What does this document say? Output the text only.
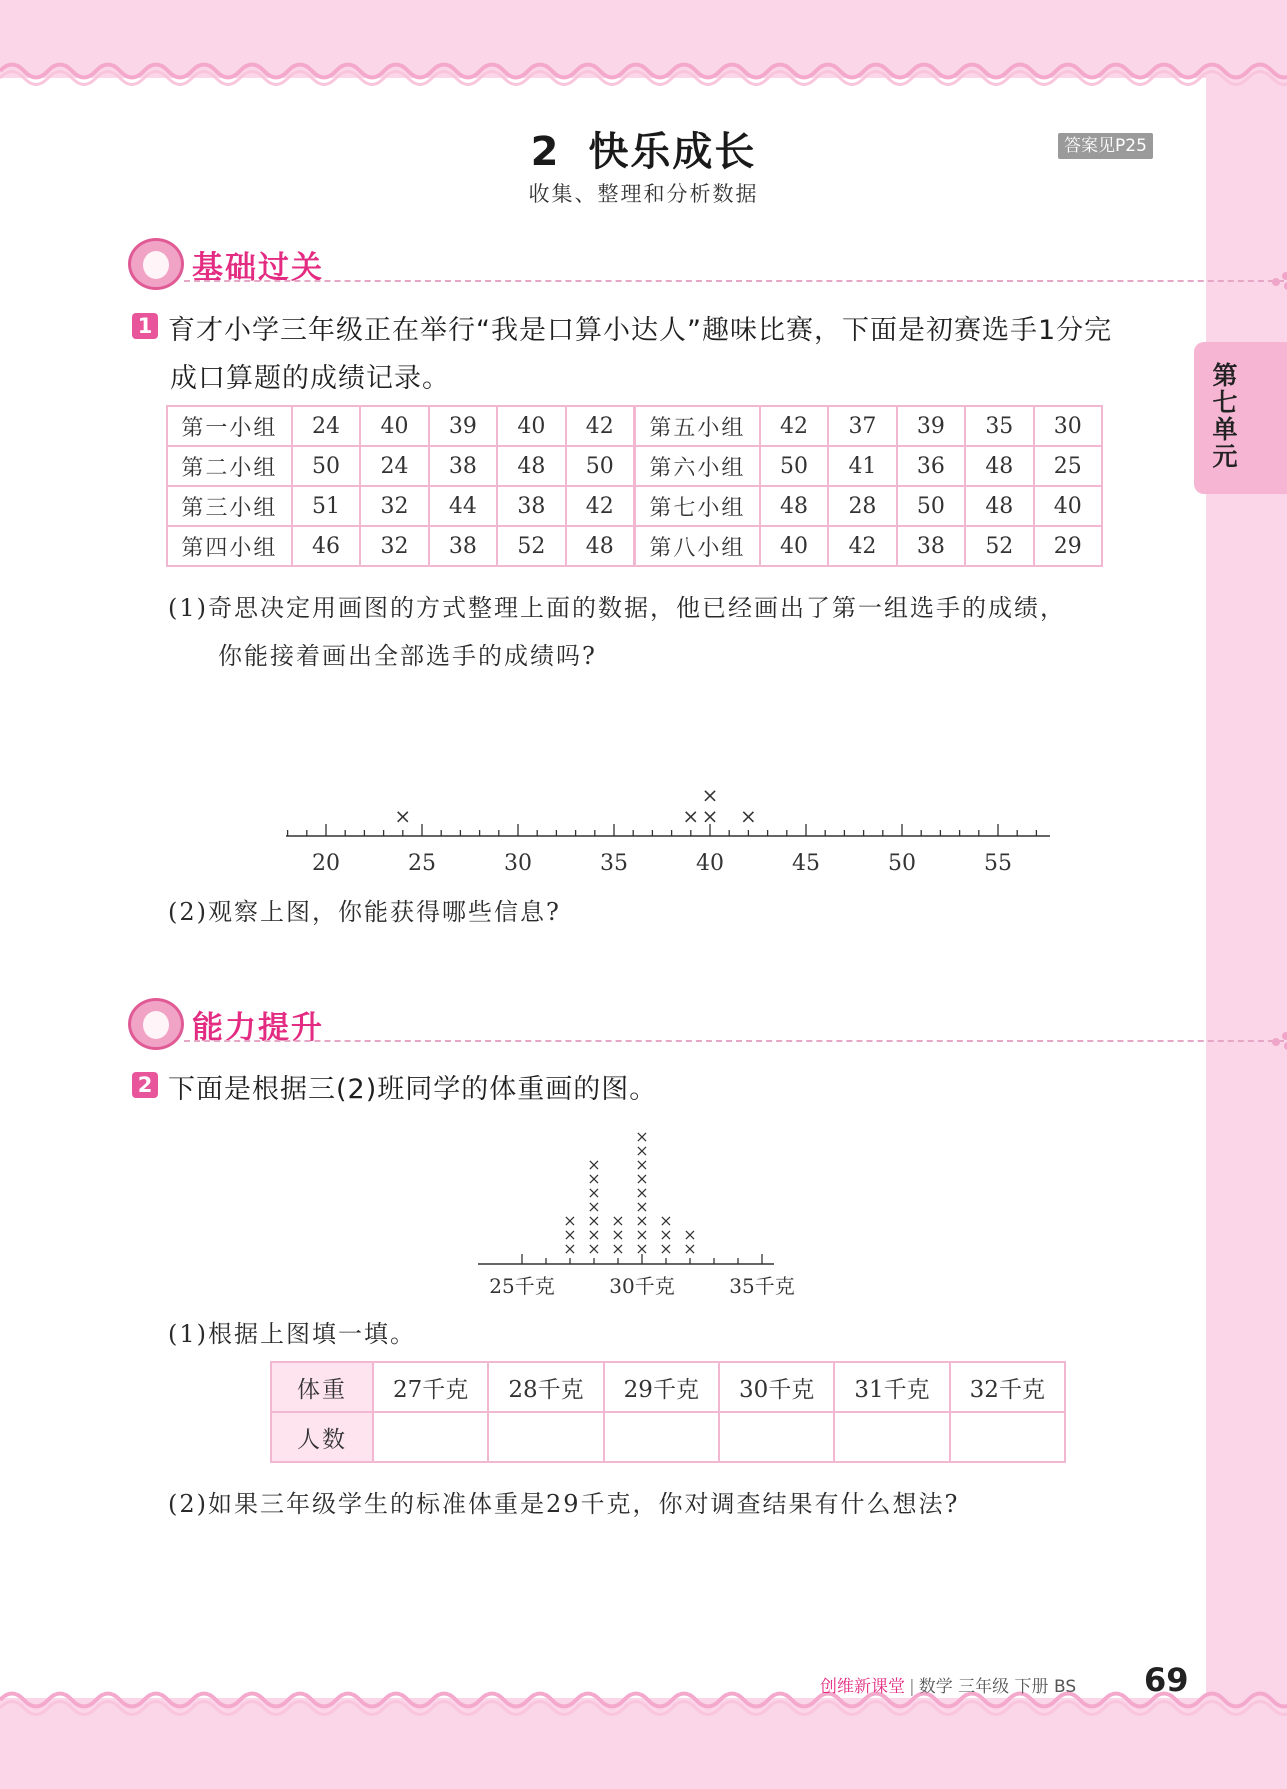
2 快乐成长
收集、整理和分析数据
答案见P25
第七单元
基础过关
1 育才小学三年级正在举行“我是口算小达人”趣味比赛，下面是初赛选手1分完
成口算题的成绩记录。
第一小组	24	40	39	40	42	第五小组	42	37	39	35	30
第二小组	50	24	38	48	50	第六小组	50	41	36	48	25
第三小组	51	32	44	38	42	第七小组	48	28	50	48	40
第四小组	46	32	38	52	48	第八小组	40	42	38	52	29
(1)奇思决定用画图的方式整理上面的数据，他已经画出了第一组选手的成绩，
你能接着画出全部选手的成绩吗?
20	25	30	35	40	45	50	55
×	× ×
×
×
(2)观察上图，你能获得哪些信息?
能力提升
2 下面是根据三(2)班同学的体重画的图。
25千克	30千克	35千克
×
×
×
×
×
×
×
×
×
×
×
×
×
×
×
×
×
×
×
×
×
×
×
×
×
×
×
(1)根据上图填一填。
体重	27千克	28千克	29千克	30千克	31千克	32千克
人数						
(2)如果三年级学生的标准体重是29千克，你对调查结果有什么想法?
创维新课堂 | 数学 三年级 下册 BS 69
